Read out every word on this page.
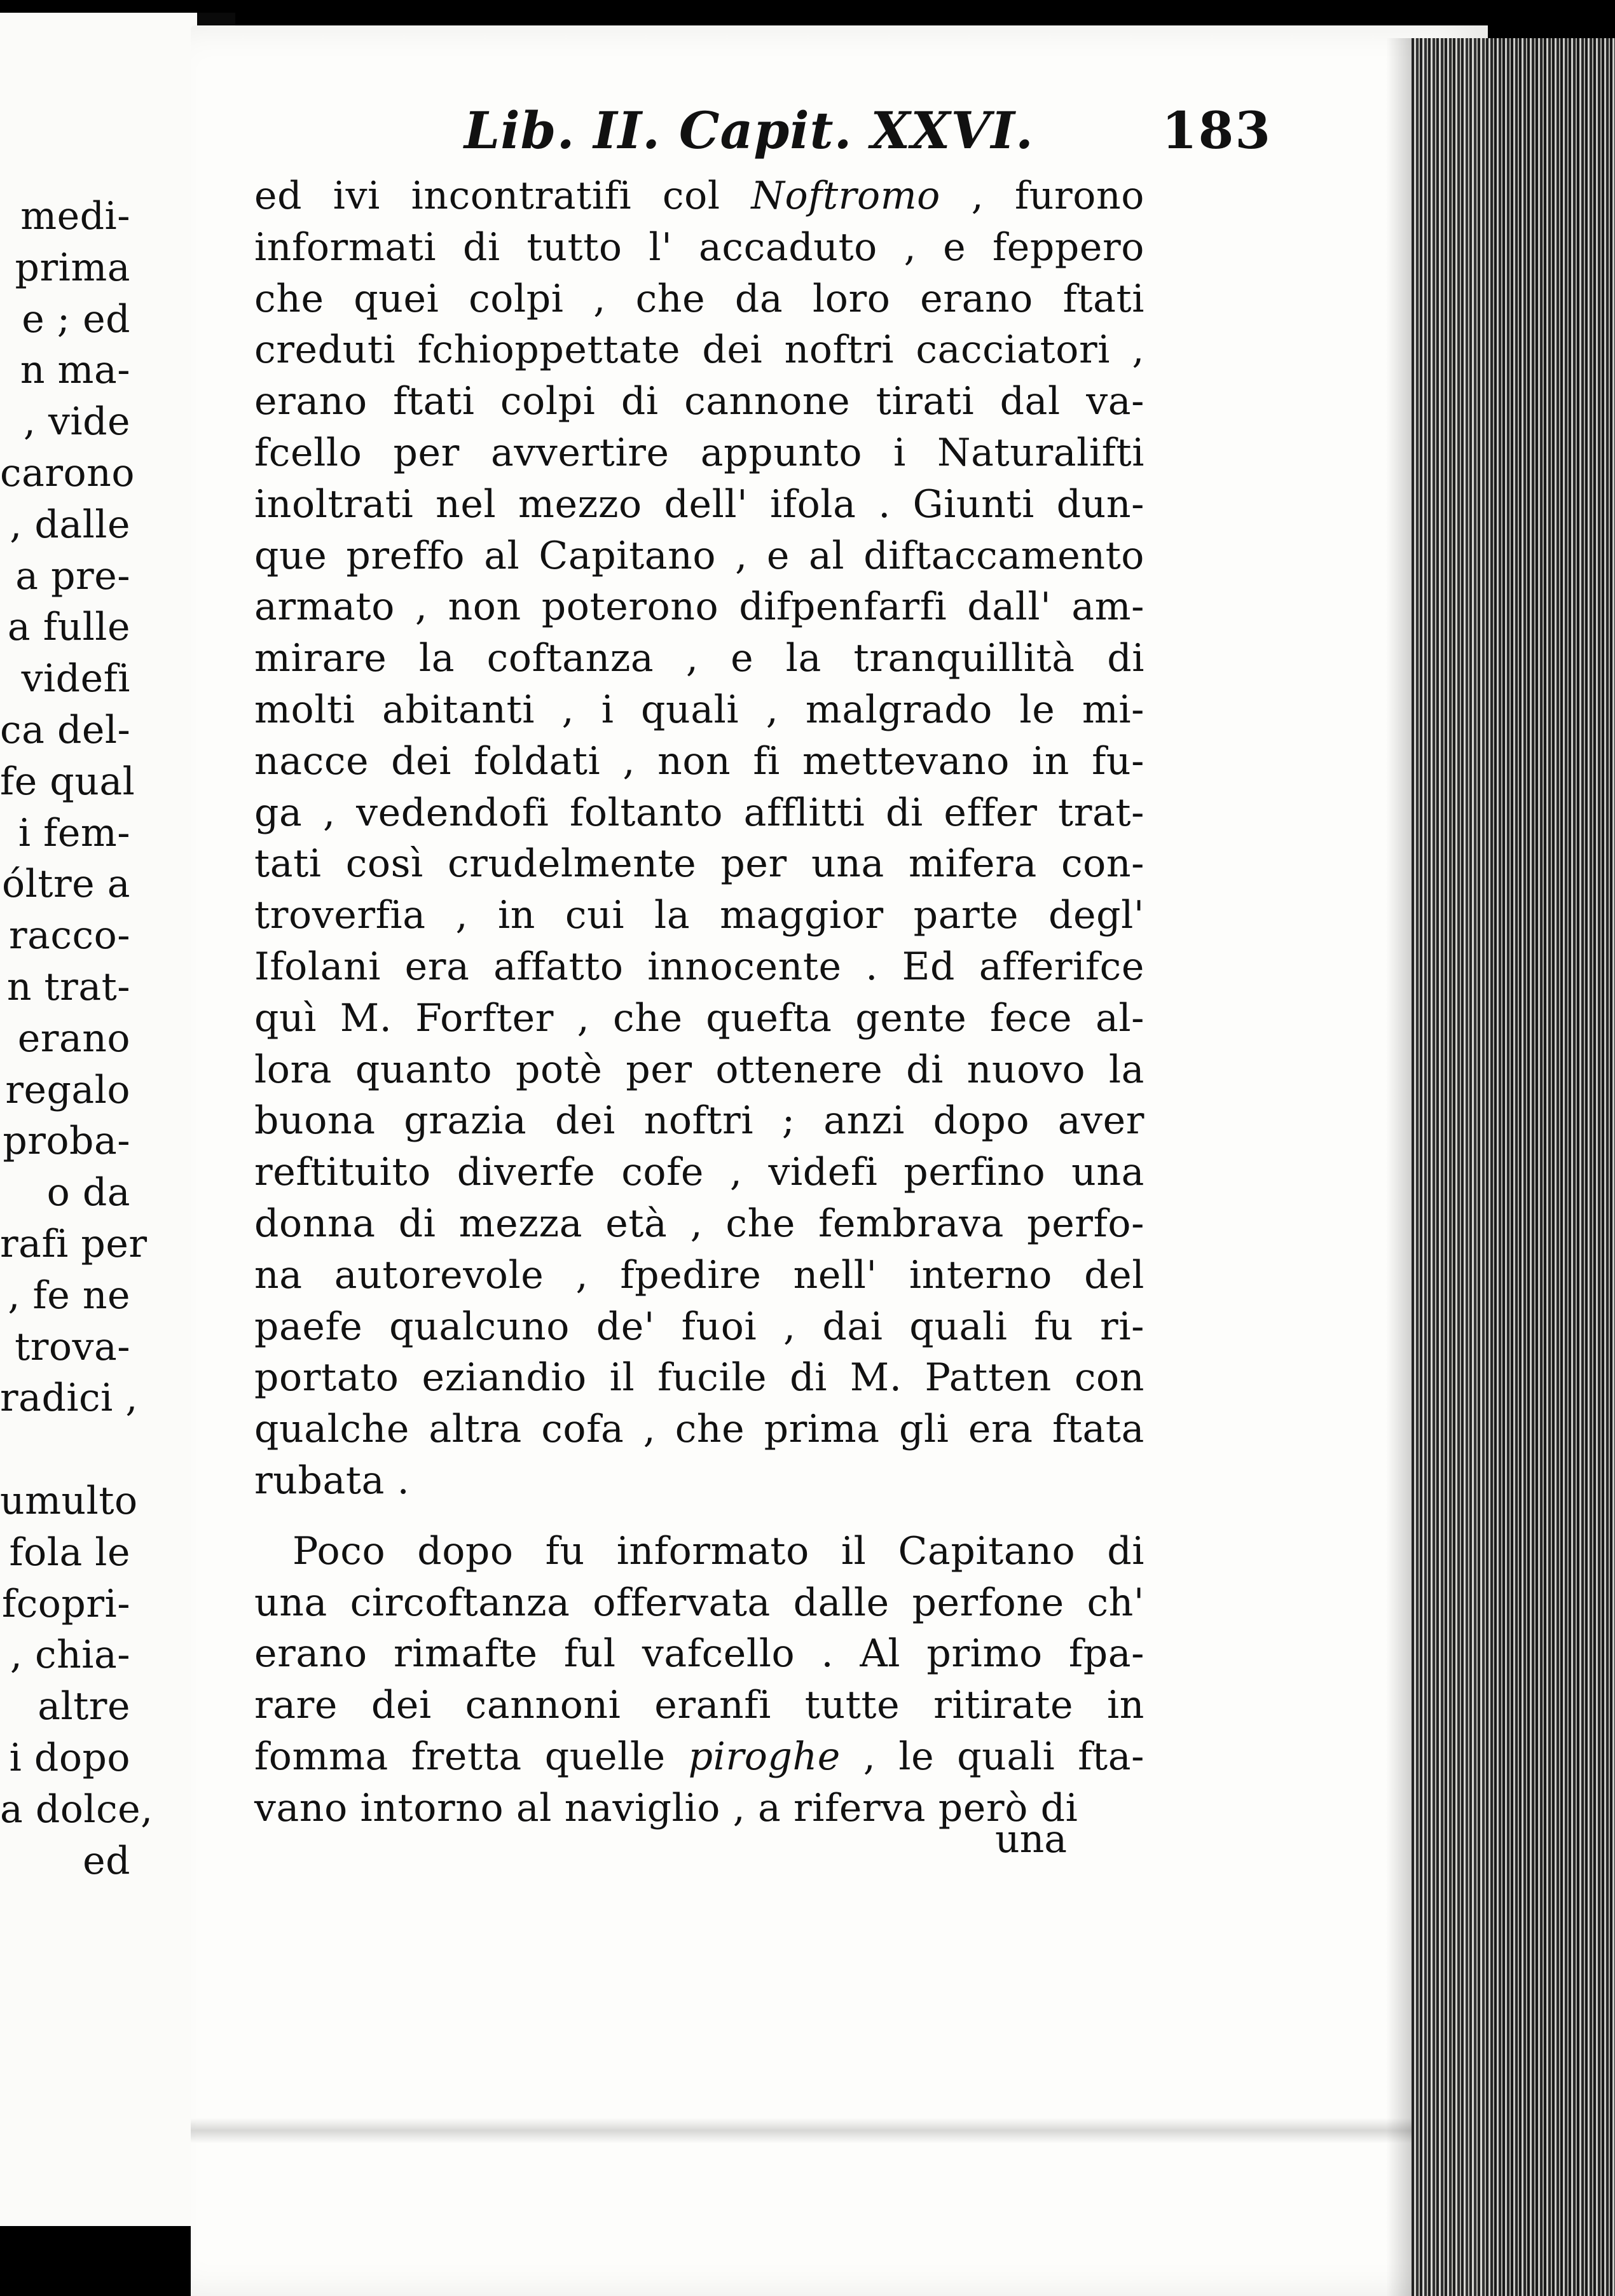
medi-
prima
e ; ed
n ma-
, vide
carono
, dalle
a pre-
a fulle
videfi
ca del-
fe qual
i fem-
óltre a
racco-
n trat-
erano
regalo
proba-
o da
rafi per
, fe ne
trova-
radici ,
umulto
fola le
fcopri-
, chia-
altre
i dopo
a dolce,
ed
Lib. II. Capit. XXVI.	183
ed ivi incontratifi col Noftromo , furono
informati di tutto l' accaduto , e feppero
che quei colpi , che da loro erano ftati
creduti fchioppettate dei noftri cacciatori ,
erano ftati colpi di cannone tirati dal va-
fcello per avvertire appunto i Naturalifti
inoltrati nel mezzo dell' ifola . Giunti dun-
que preffo al Capitano , e al diftaccamento
armato , non poterono difpenfarfi dall' am-
mirare la coftanza , e la tranquillità di
molti abitanti , i quali , malgrado le mi-
nacce dei foldati , non fi mettevano in fu-
ga , vedendofi foltanto afflitti di effer trat-
tati così crudelmente per una mifera con-
troverfia , in cui la maggior parte degl'
Ifolani era affatto innocente . Ed afferifce
quì M. Forfter , che quefta gente fece al-
lora quanto potè per ottenere di nuovo la
buona grazia dei noftri ; anzi dopo aver
reftituito diverfe cofe , videfi perfino una
donna di mezza età , che fembrava perfo-
na autorevole , fpedire nell' interno del
paefe qualcuno de' fuoi , dai quali fu ri-
portato eziandio il fucile di M. Patten con
qualche altra cofa , che prima gli era ftata
rubata .
Poco dopo fu informato il Capitano di
una circoftanza offervata dalle perfone ch'
erano rimafte ful vafcello . Al primo fpa-
rare dei cannoni eranfi tutte ritirate in
fomma fretta quelle piroghe , le quali fta-
vano intorno al naviglio , a riferva però di
una
